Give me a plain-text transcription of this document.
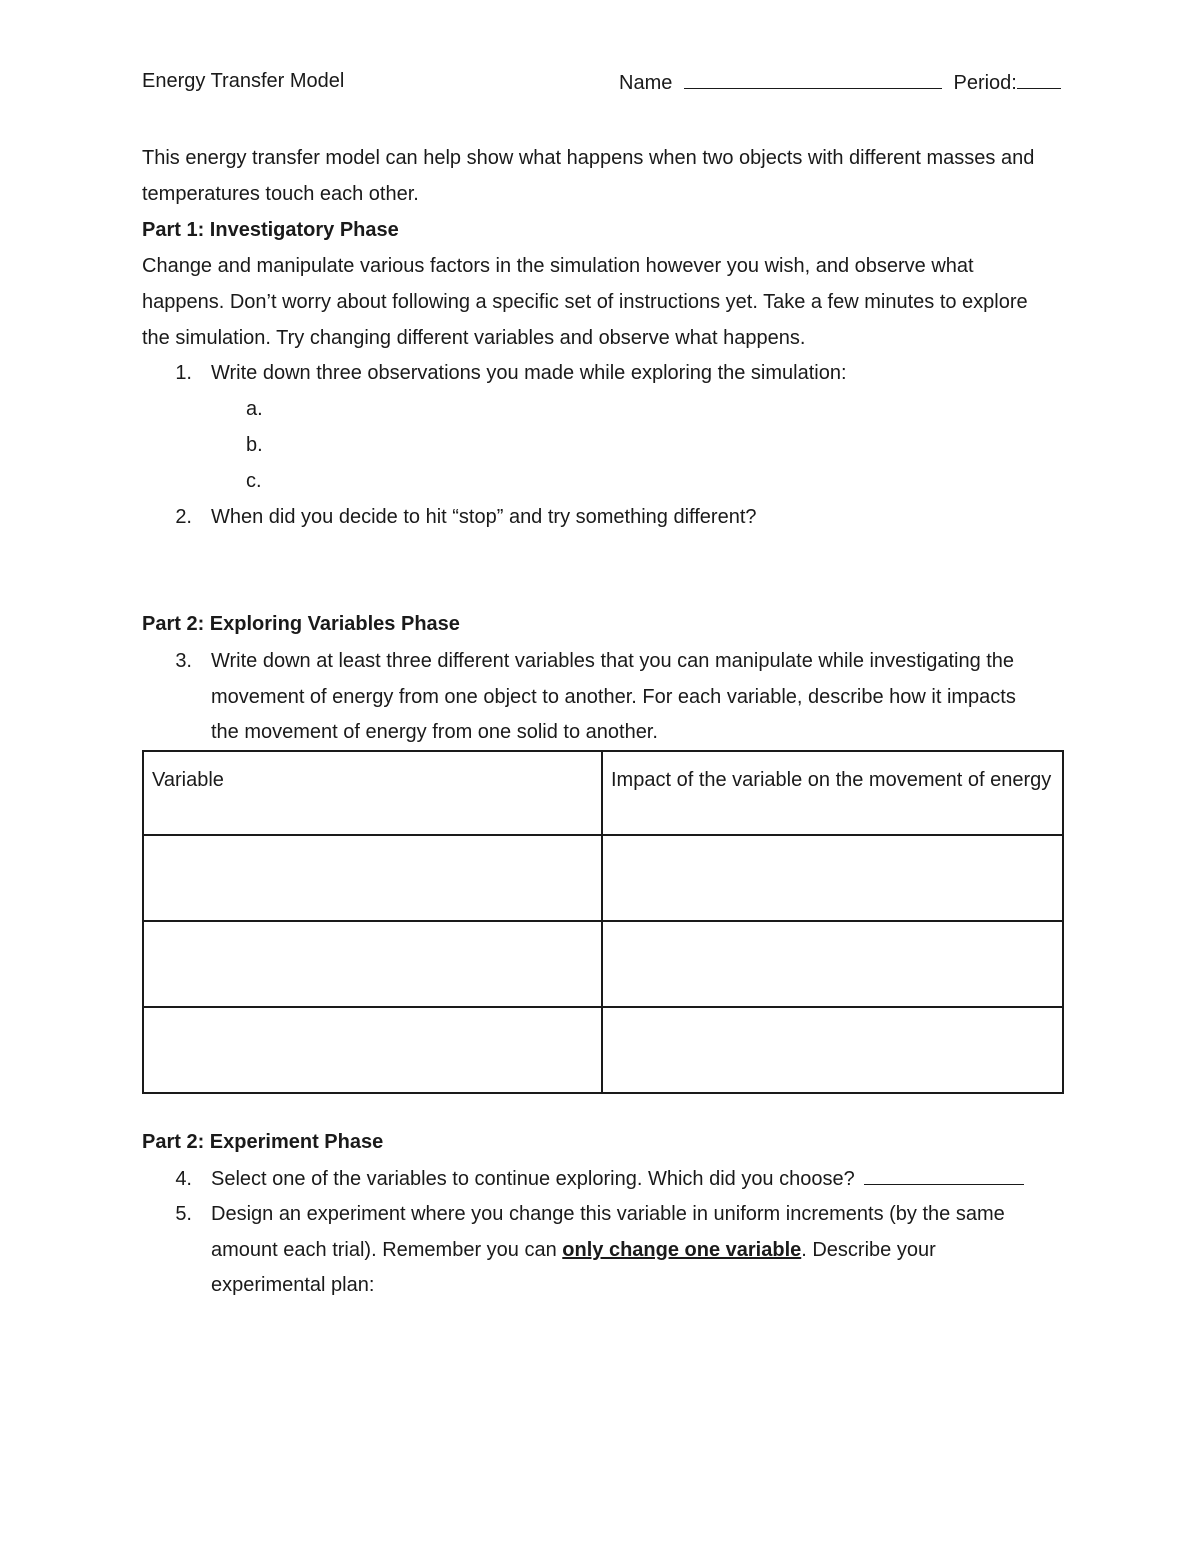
Energy Transfer Model	Name	Period:
This energy transfer model can help show what happens when two objects with different masses and
temperatures touch each other.
Part 1: Investigatory Phase
Change and manipulate various factors in the simulation however you wish, and observe what
happens. Don’t worry about following a specific set of instructions yet. Take a few minutes to explore
the simulation. Try changing different variables and observe what happens.
1. Write down three observations you made while exploring the simulation:
a.
b.
c.
2. When did you decide to hit “stop” and try something different?
Part 2: Exploring Variables Phase
3. Write down at least three different variables that you can manipulate while investigating the
movement of energy from one object to another. For each variable, describe how it impacts
the movement of energy from one solid to another.
Variable	Impact of the variable on the movement of energy

Part 2: Experiment Phase
4. Select one of the variables to continue exploring. Which did you choose?
5. Design an experiment where you change this variable in uniform increments (by the same
amount each trial). Remember you can only change one variable. Describe your
experimental plan:
